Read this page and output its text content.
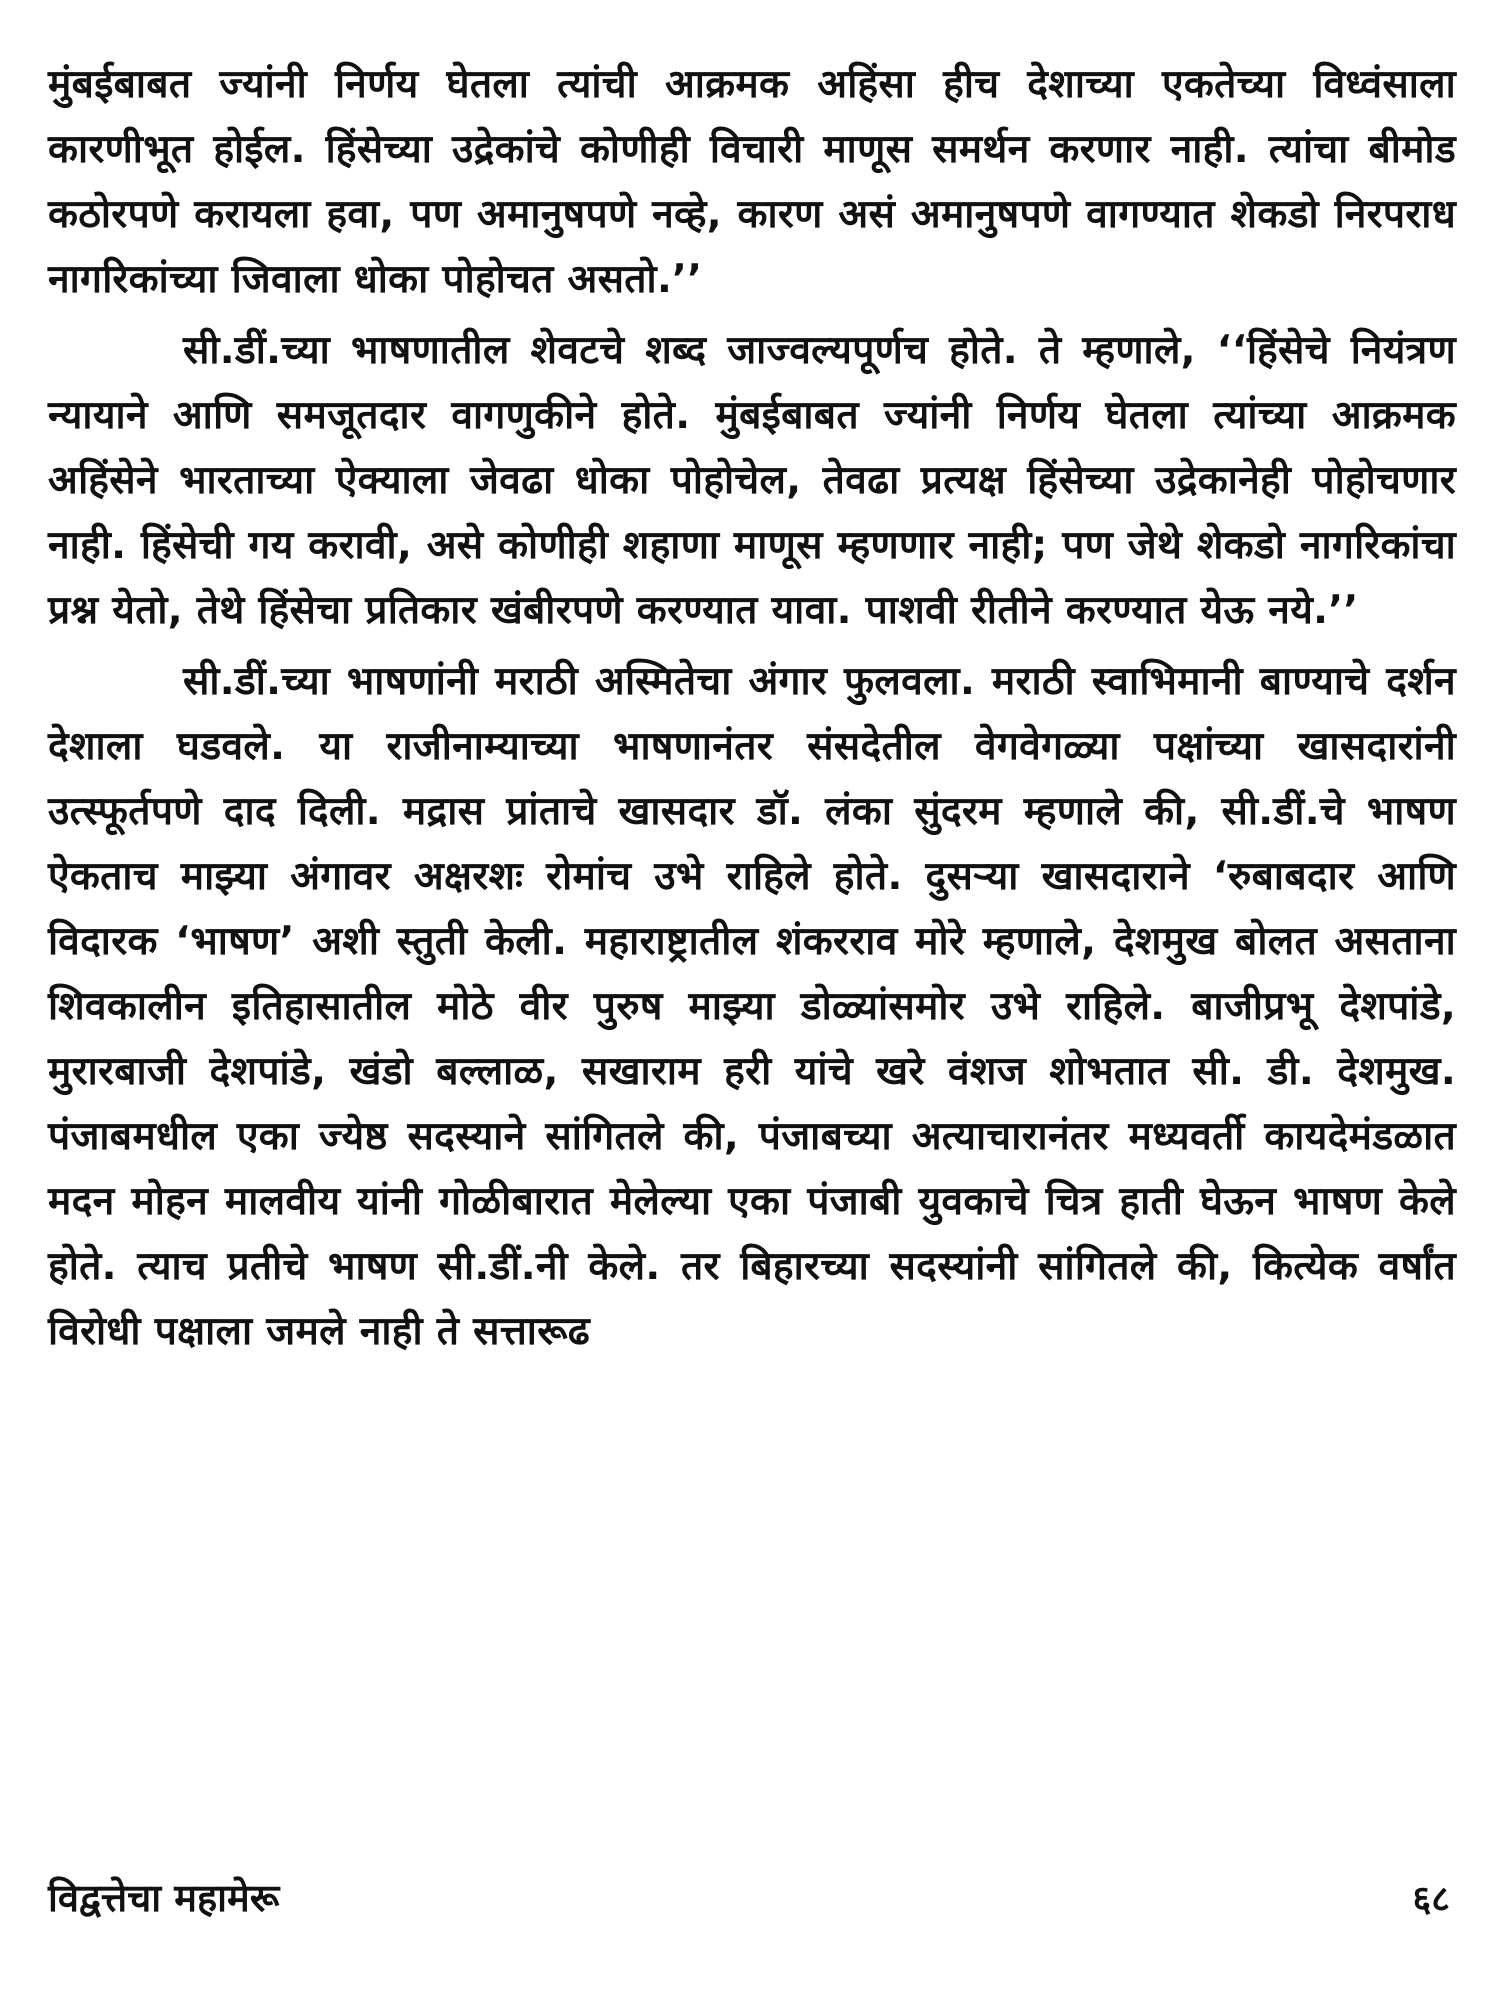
मुंबईबाबत ज्यांनी निर्णय घेतला त्यांची आक्रमक अहिंसा हीच देशाच्या एकतेच्या विध्वंसाला कारणीभूत होईल. हिंसेच्या उद्रेकांचे कोणीही विचारी माणूस समर्थन करणार नाही. त्यांचा बीमोड कठोरपणे करायला हवा, पण अमानुषपणे नव्हे, कारण असं अमानुषपणे वागण्यात शेकडो निरपराध नागरिकांच्या जिवाला धोका पोहोचत असतो.’’

सी.डीं.च्या भाषणातील शेवटचे शब्द जाज्वल्यपूर्णच होते. ते म्हणाले, ‘‘हिंसेचे नियंत्रण न्यायाने आणि समजूतदार वागणुकीने होते. मुंबईबाबत ज्यांनी निर्णय घेतला त्यांच्या आक्रमक अहिंसेने भारताच्या ऐक्याला जेवढा धोका पोहोचेल, तेवढा प्रत्यक्ष हिंसेच्या उद्रेकानेही पोहोचणार नाही. हिंसेची गय करावी, असे कोणीही शहाणा माणूस म्हणणार नाही; पण जेथे शेकडो नागरिकांचा प्रश्न येतो, तेथे हिंसेचा प्रतिकार खंबीरपणे करण्यात यावा. पाशवी रीतीने करण्यात येऊ नये.’’

सी.डीं.च्या भाषणांनी मराठी अस्मितेचा अंगार फुलवला. मराठी स्वाभिमानी बाण्याचे दर्शन देशाला घडवले. या राजीनाम्याच्या भाषणानंतर संसदेतील वेगवेगळ्या पक्षांच्या खासदारांनी उत्स्फूर्तपणे दाद दिली. मद्रास प्रांताचे खासदार डॉ. लंका सुंदरम म्हणाले की, सी.डीं.चे भाषण ऐकताच माझ्या अंगावर अक्षरशः रोमांच उभे राहिले होते. दुसऱ्या खासदाराने ‘रुबाबदार आणि विदारक ‘भाषण’ अशी स्तुती केली. महाराष्ट्रातील शंकरराव मोरे म्हणाले, देशमुख बोलत असताना शिवकालीन इतिहासातील मोठे वीर पुरुष माझ्या डोळ्यांसमोर उभे राहिले. बाजीप्रभू देशपांडे, मुरारबाजी देशपांडे, खंडो बल्लाळ, सखाराम हरी यांचे खरे वंशज शोभतात सी. डी. देशमुख. पंजाबमधील एका ज्येष्ठ सदस्याने सांगितले की, पंजाबच्या अत्याचारानंतर मध्यवर्ती कायदेमंडळात मदन मोहन मालवीय यांनी गोळीबारात मेलेल्या एका पंजाबी युवकाचे चित्र हाती घेऊन भाषण केले होते. त्याच प्रतीचे भाषण सी.डीं.नी केले. तर बिहारच्या सदस्यांनी सांगितले की, कित्येक वर्षांत विरोधी पक्षाला जमले नाही ते सत्तारूढ

विद्वत्तेचा महामेरू	६८
